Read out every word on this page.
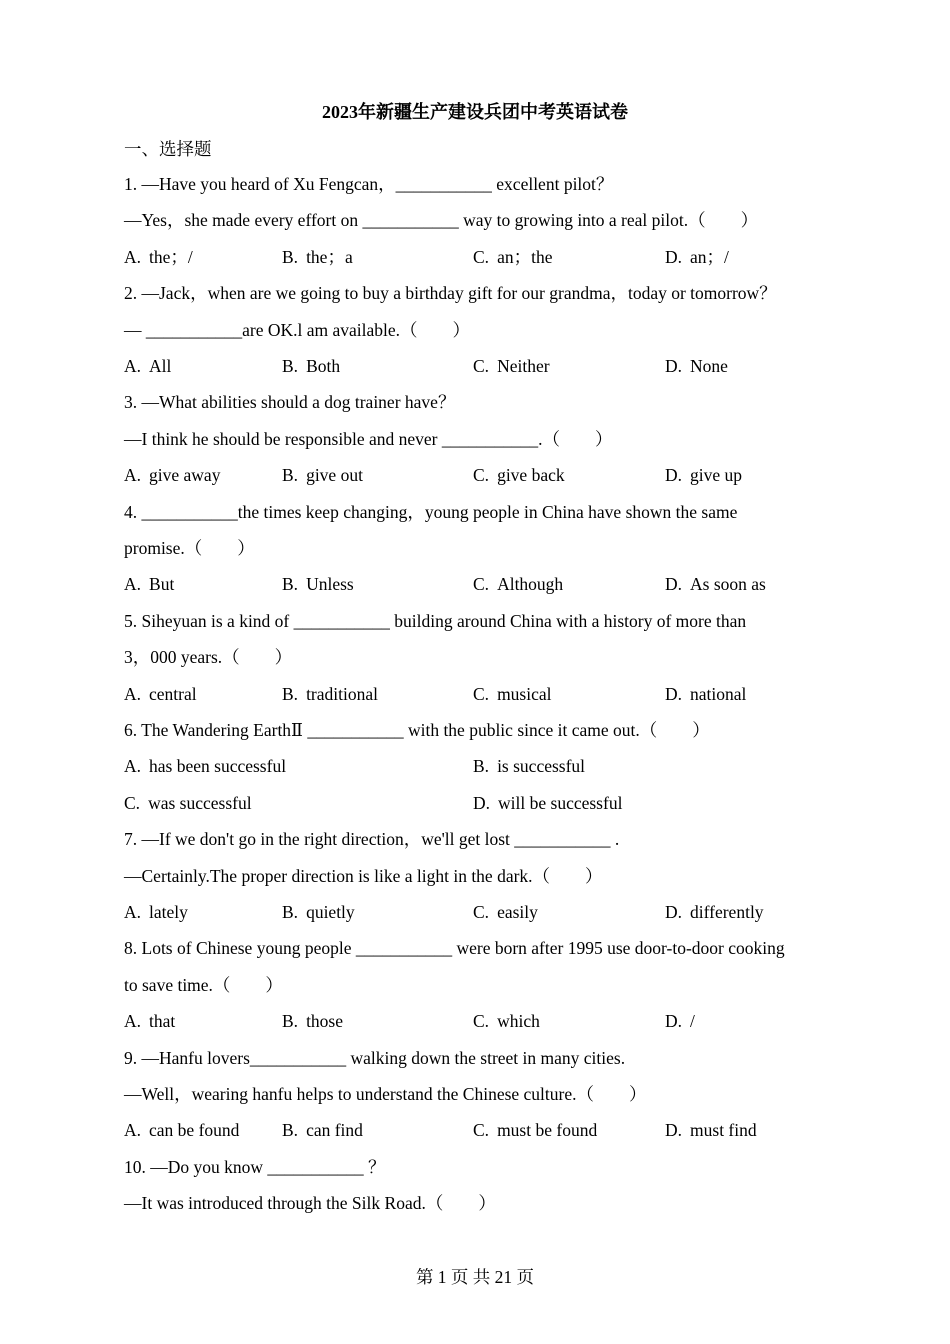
2023年新疆生产建设兵团中考英语试卷
一、选择题
1. —Have you heard of Xu Fengcan，___________ excellent pilot？
—Yes，she made every effort on ___________ way to growing into a real pilot.（　　）
A. the；/	B. the；a	C. an；the	D. an；/
2. —Jack，when are we going to buy a birthday gift for our grandma，today or tomorrow？
— ___________are OK.l am available.（　　）
A. All	B. Both	C. Neither	D. None
3. —What abilities should a dog trainer have？
—I think he should be responsible and never ___________.（　　）
A. give away	B. give out	C. give back	D. give up
4. ___________the times keep changing，young people in China have shown the same
promise.（　　）
A. But	B. Unless	C. Although	D. As soon as
5. Siheyuan is a kind of ___________ building around China with a history of more than
3，000 years.（　　）
A. central	B. traditional	C. musical	D. national
6. The Wandering EarthⅡ ___________ with the public since it came out.（　　）
A. has been successful	B. is successful
C. was successful	D. will be successful
7. —If we don't go in the right direction，we'll get lost ___________ .
—Certainly.The proper direction is like a light in the dark.（　　）
A. lately	B. quietly	C. easily	D. differently
8. Lots of Chinese young people ___________ were born after 1995 use door-to-door cooking
to save time.（　　）
A. that	B. those	C. which	D. /
9. —Hanfu lovers___________ walking down the street in many cities.
—Well，wearing hanfu helps to understand the Chinese culture.（　　）
A. can be found B. can find	C. must be found	D. must find
10. —Do you know ___________ ？
—It was introduced through the Silk Road.（　　）
第 1 页 共 21 页
